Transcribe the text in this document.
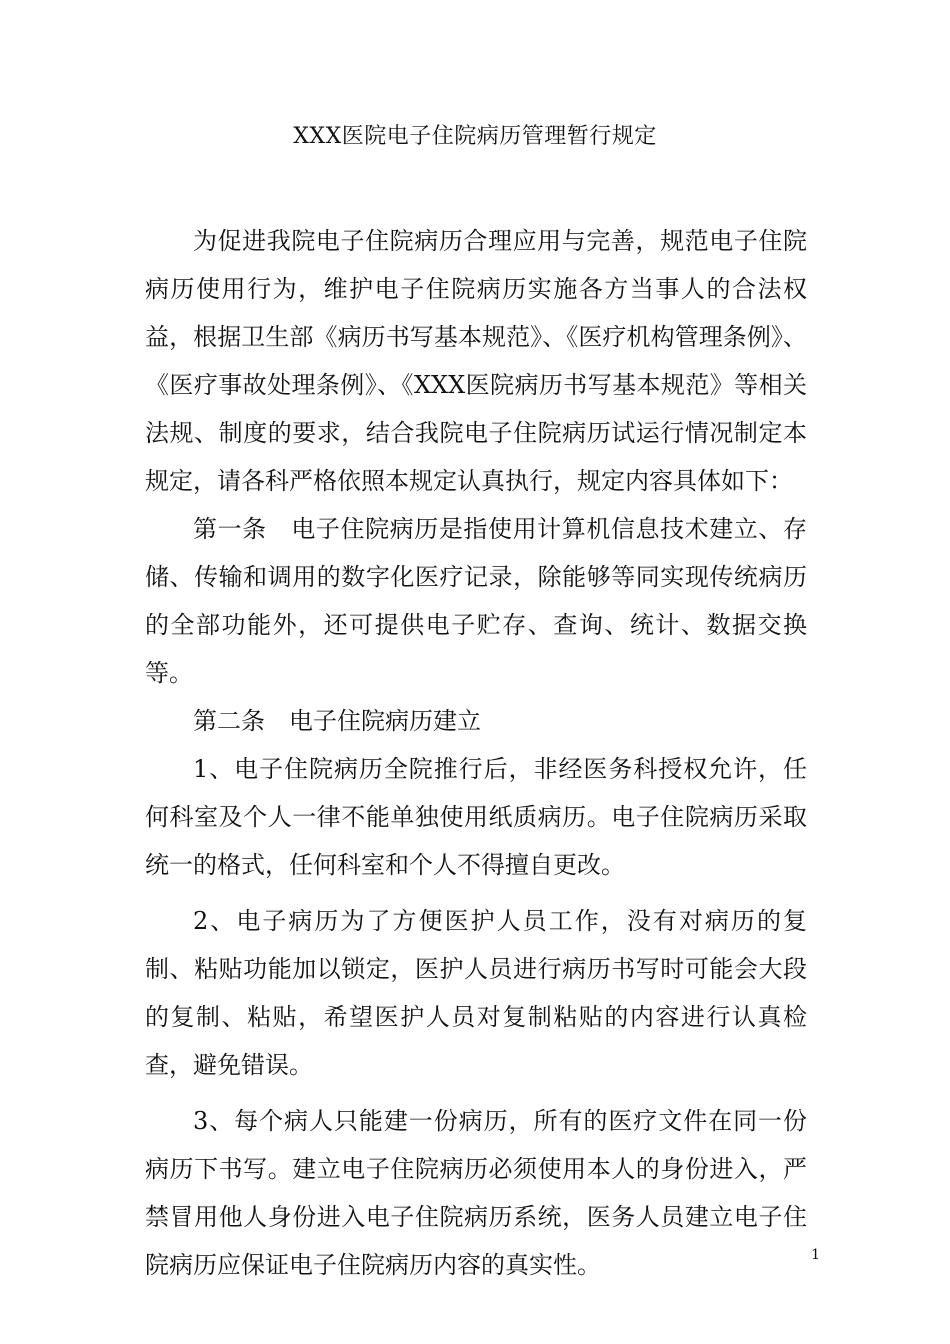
XXX医院电子住院病历管理暂行规定

为促进我院电子住院病历合理应用与完善，规范电子住院病历使用行为，维护电子住院病历实施各方当事人的合法权益，根据卫生部《病历书写基本规范》、《医疗机构管理条例》、《医疗事故处理条例》、《XXX医院病历书写基本规范》等相关法规、制度的要求，结合我院电子住院病历试运行情况制定本规定，请各科严格依照本规定认真执行，规定内容具体如下：

第一条　电子住院病历是指使用计算机信息技术建立、存储、传输和调用的数字化医疗记录，除能够等同实现传统病历的全部功能外，还可提供电子贮存、查询、统计、数据交换等。

第二条　电子住院病历建立

1、电子住院病历全院推行后，非经医务科授权允许，任何科室及个人一律不能单独使用纸质病历。电子住院病历采取统一的格式，任何科室和个人不得擅自更改。

2、电子病历为了方便医护人员工作，没有对病历的复制、粘贴功能加以锁定，医护人员进行病历书写时可能会大段的复制、粘贴，希望医护人员对复制粘贴的内容进行认真检查，避免错误。

3、每个病人只能建一份病历，所有的医疗文件在同一份病历下书写。建立电子住院病历必须使用本人的身份进入，严禁冒用他人身份进入电子住院病历系统，医务人员建立电子住院病历应保证电子住院病历内容的真实性。	1
